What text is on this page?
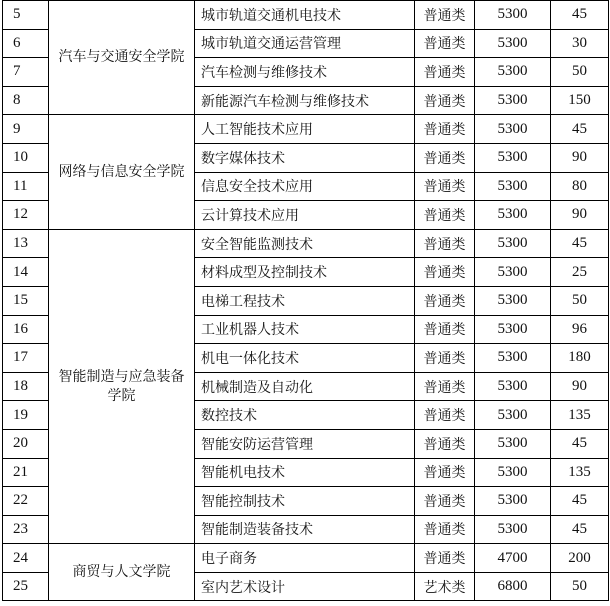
5	汽车与交通安全学院	城市轨道交通机电技术	普通类	5300	45
6		城市轨道交通运营管理	普通类	5300	30
7		汽车检测与维修技术	普通类	5300	50
8		新能源汽车检测与维修技术	普通类	5300	150
9	网络与信息安全学院	人工智能技术应用	普通类	5300	45
10		数字媒体技术	普通类	5300	90
11		信息安全技术应用	普通类	5300	80
12		云计算技术应用	普通类	5300	90
13	智能制造与应急装备学院	安全智能监测技术	普通类	5300	45
14		材料成型及控制技术	普通类	5300	25
15		电梯工程技术	普通类	5300	50
16		工业机器人技术	普通类	5300	96
17		机电一体化技术	普通类	5300	180
18		机械制造及自动化	普通类	5300	90
19		数控技术	普通类	5300	135
20		智能安防运营管理	普通类	5300	45
21		智能机电技术	普通类	5300	135
22		智能控制技术	普通类	5300	45
23		智能制造装备技术	普通类	5300	45
24	商贸与人文学院	电子商务	普通类	4700	200
25		室内艺术设计	艺术类	6800	50
